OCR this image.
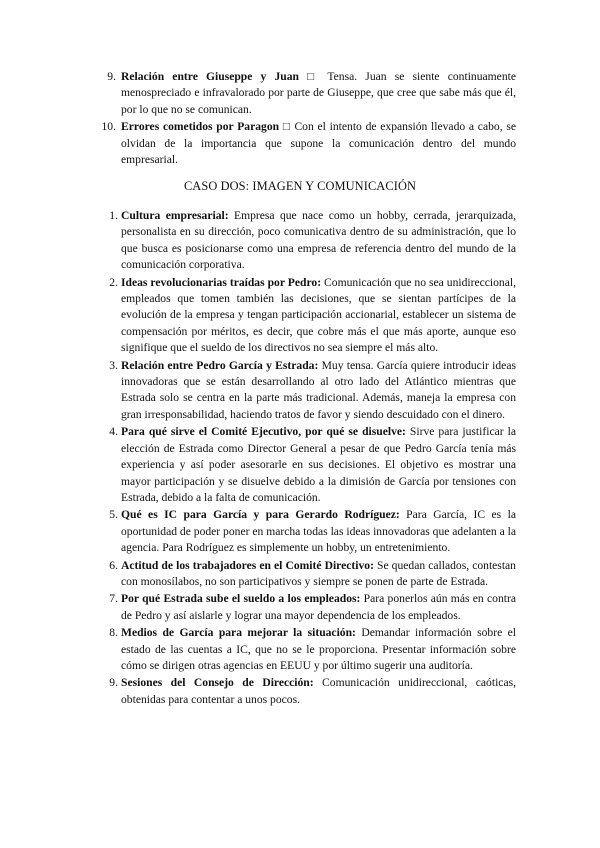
9. Relación entre Giuseppe y Juan □ Tensa. Juan se siente continuamente menospreciado e infravalorado por parte de Giuseppe, que cree que sabe más que él, por lo que no se comunican.
10. Errores cometidos por Paragon □ Con el intento de expansión llevado a cabo, se olvidan de la importancia que supone la comunicación dentro del mundo empresarial.
CASO DOS: IMAGEN Y COMUNICACIÓN
1. Cultura empresarial: Empresa que nace como un hobby, cerrada, jerarquizada, personalista en su dirección, poco comunicativa dentro de su administración, que lo que busca es posicionarse como una empresa de referencia dentro del mundo de la comunicación corporativa.
2. Ideas revolucionarias traídas por Pedro: Comunicación que no sea unidireccional, empleados que tomen también las decisiones, que se sientan partícipes de la evolución de la empresa y tengan participación accionarial, establecer un sistema de compensación por méritos, es decir, que cobre más el que más aporte, aunque eso signifique que el sueldo de los directivos no sea siempre el más alto.
3. Relación entre Pedro García y Estrada: Muy tensa. García quiere introducir ideas innovadoras que se están desarrollando al otro lado del Atlántico mientras que Estrada solo se centra en la parte más tradicional. Además, maneja la empresa con gran irresponsabilidad, haciendo tratos de favor y siendo descuidado con el dinero.
4. Para qué sirve el Comité Ejecutivo, por qué se disuelve: Sirve para justificar la elección de Estrada como Director General a pesar de que Pedro García tenía más experiencia y así poder asesorarle en sus decisiones. El objetivo es mostrar una mayor participación y se disuelve debido a la dimisión de García por tensiones con Estrada, debido a la falta de comunicación.
5. Qué es IC para García y para Gerardo Rodríguez: Para García, IC es la oportunidad de poder poner en marcha todas las ideas innovadoras que adelanten a la agencia. Para Rodríguez es simplemente un hobby, un entretenimiento.
6. Actitud de los trabajadores en el Comité Directivo: Se quedan callados, contestan con monosílabos, no son participativos y siempre se ponen de parte de Estrada.
7. Por qué Estrada sube el sueldo a los empleados: Para ponerlos aún más en contra de Pedro y así aislarle y lograr una mayor dependencia de los empleados.
8. Medios de García para mejorar la situación: Demandar información sobre el estado de las cuentas a IC, que no se le proporciona. Presentar información sobre cómo se dirigen otras agencias en EEUU y por último sugerir una auditoría.
9. Sesiones del Consejo de Dirección: Comunicación unidireccional, caóticas, obtenidas para contentar a unos pocos.
